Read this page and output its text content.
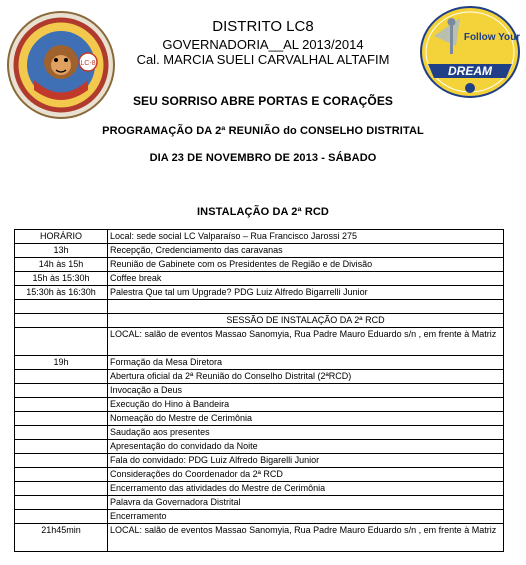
LC-8
Follow Your
DREAM
DISTRITO LC8
GOVERNADORIA__AL 2013/2014
Cal. MARCIA SUELI CARVALHAL ALTAFIM
SEU SORRISO ABRE PORTAS E CORAÇÕES
PROGRAMAÇÃO DA 2ª REUNIÃO do CONSELHO DISTRITAL
DIA 23 DE NOVEMBRO DE 2013 - SÁBADO
INSTALAÇÃO DA 2ª RCD
HORÁRIO	Local: sede social LC Valparaíso – Rua Francisco Jarossi 275
13h	Recepção, Credenciamento das caravanas
14h às 15h	Reunião de Gabinete com os Presidentes de Região e de Divisão
15h às 15:30h	Coffee break
15:30h às 16:30h	Palestra Que tal um Upgrade? PDG Luiz Alfredo Bigarrelli Junior

	SESSÃO DE INSTALAÇÃO DA 2ª RCD
	LOCAL: salão de eventos Massao Sanomyia, Rua Padre Mauro Eduardo s/n , em frente à Matriz
19h	Formação da Mesa Diretora
	Abertura oficial da 2ª Reunião do Conselho Distrital (2ªRCD)
	Invocação a Deus
	Execução do Hino à Bandeira
	Nomeação do Mestre de Cerimônia
	Saudação aos presentes
	Apresentação do convidado da Noite
	Fala do convidado: PDG Luiz Alfredo Bigarelli Junior
	Considerações do Coordenador da 2ª RCD
	Encerramento das atividades do Mestre de Cerimônia
	Palavra da Governadora Distrital
	Encerramento
21h45min	LOCAL: salão de eventos Massao Sanomyia, Rua Padre Mauro Eduardo s/n , em frente à Matriz
